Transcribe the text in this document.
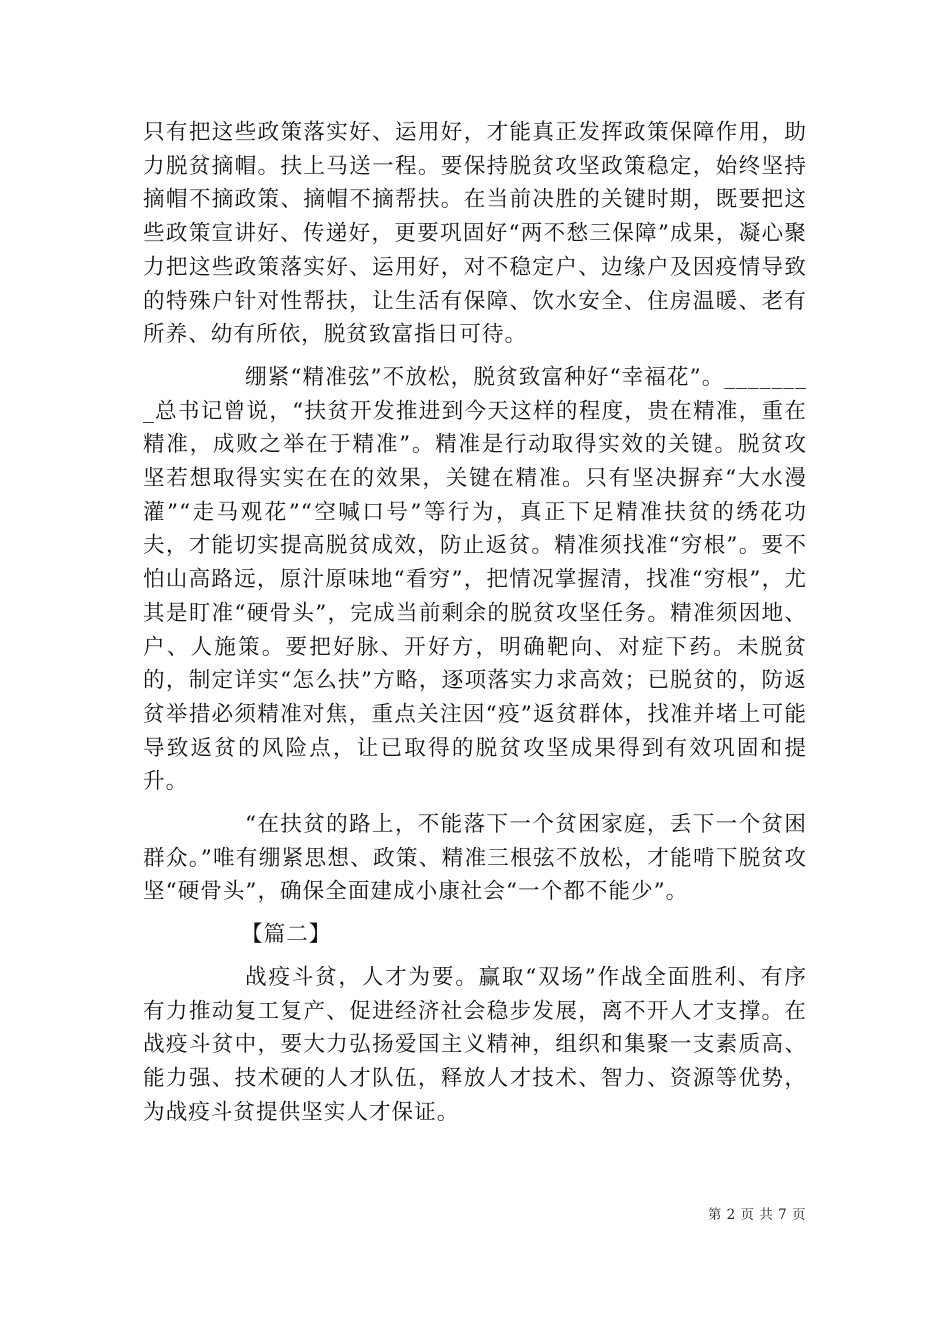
只有把这些政策落实好、运用好，才能真正发挥政策保障作用，助力脱贫摘帽。扶上马送一程。要保持脱贫攻坚政策稳定，始终坚持摘帽不摘政策、摘帽不摘帮扶。在当前决胜的关键时期，既要把这些政策宣讲好、传递好，更要巩固好“两不愁三保障”成果，凝心聚力把这些政策落实好、运用好，对不稳定户、边缘户及因疫情导致的特殊户针对性帮扶，让生活有保障、饮水安全、住房温暖、老有所养、幼有所依，脱贫致富指日可待。

绷紧“精准弦”不放松，脱贫致富种好“幸福花”。________总书记曾说，“扶贫开发推进到今天这样的程度，贵在精准，重在精准，成败之举在于精准”。精准是行动取得实效的关键。脱贫攻坚若想取得实实在在的效果，关键在精准。只有坚决摒弃“大水漫灌”“走马观花”“空喊口号”等行为，真正下足精准扶贫的绣花功夫，才能切实提高脱贫成效，防止返贫。精准须找准“穷根”。要不怕山高路远，原汁原味地“看穷”，把情况掌握清，找准“穷根”，尤其是盯准“硬骨头”，完成当前剩余的脱贫攻坚任务。精准须因地、户、人施策。要把好脉、开好方，明确靶向、对症下药。未脱贫的，制定详实“怎么扶”方略，逐项落实力求高效；已脱贫的，防返贫举措必须精准对焦，重点关注因“疫”返贫群体，找准并堵上可能导致返贫的风险点，让已取得的脱贫攻坚成果得到有效巩固和提升。

“在扶贫的路上，不能落下一个贫困家庭，丢下一个贫困群众。”唯有绷紧思想、政策、精准三根弦不放松，才能啃下脱贫攻坚“硬骨头”，确保全面建成小康社会“一个都不能少”。

【篇二】

战疫斗贫，人才为要。赢取“双场”作战全面胜利、有序有力推动复工复产、促进经济社会稳步发展，离不开人才支撑。在战疫斗贫中，要大力弘扬爱国主义精神，组织和集聚一支素质高、能力强、技术硬的人才队伍，释放人才技术、智力、资源等优势，为战疫斗贫提供坚实人才保证。

第 2 页 共 7 页
